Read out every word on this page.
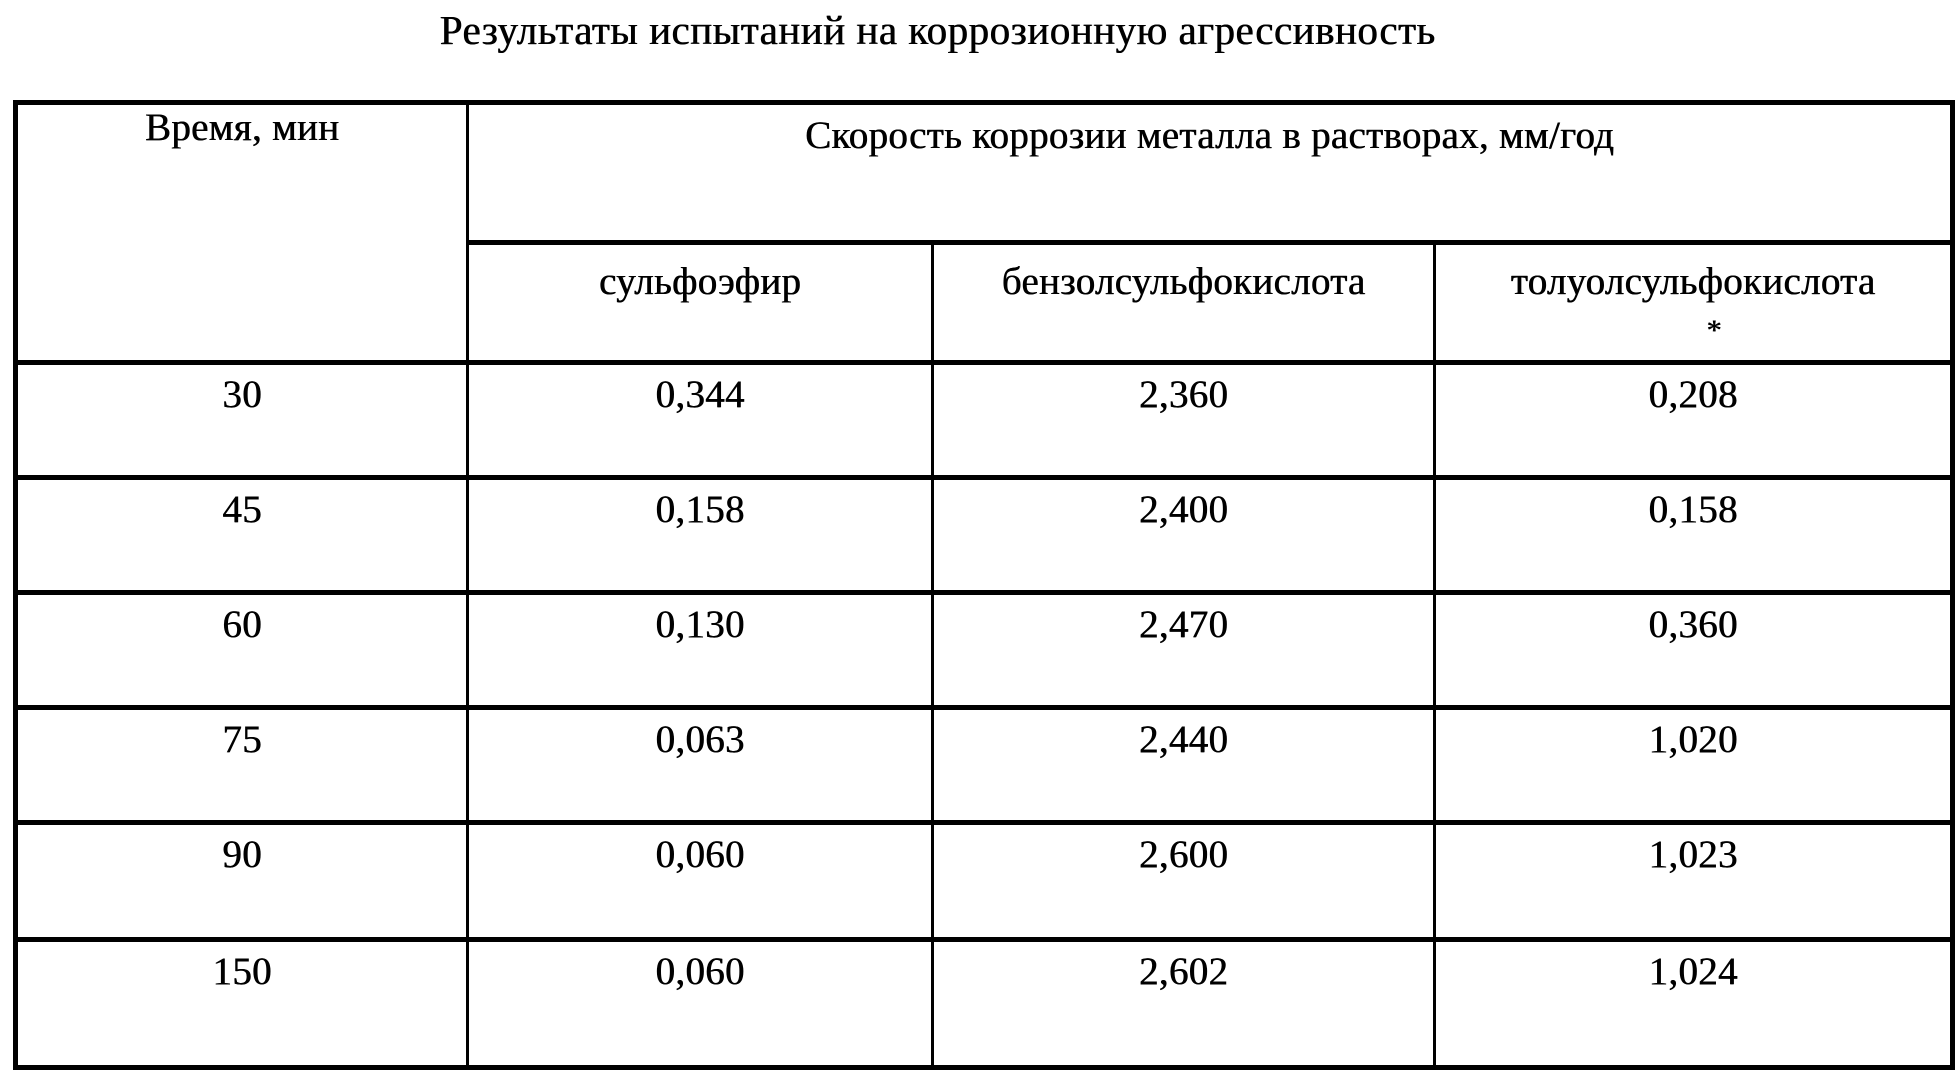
Результаты испытаний на коррозионную агрессивность
Время, мин	Скорость коррозии металла в растворах, мм/год		
	сульфоэфир	бензолсульфокислота	толуолсульфокислота
*

30	0,344	2,360	0,208
45	0,158	2,400	0,158
60	0,130	2,470	0,360
75	0,063	2,440	1,020
90	0,060	2,600	1,023
150	0,060	2,602	1,024
